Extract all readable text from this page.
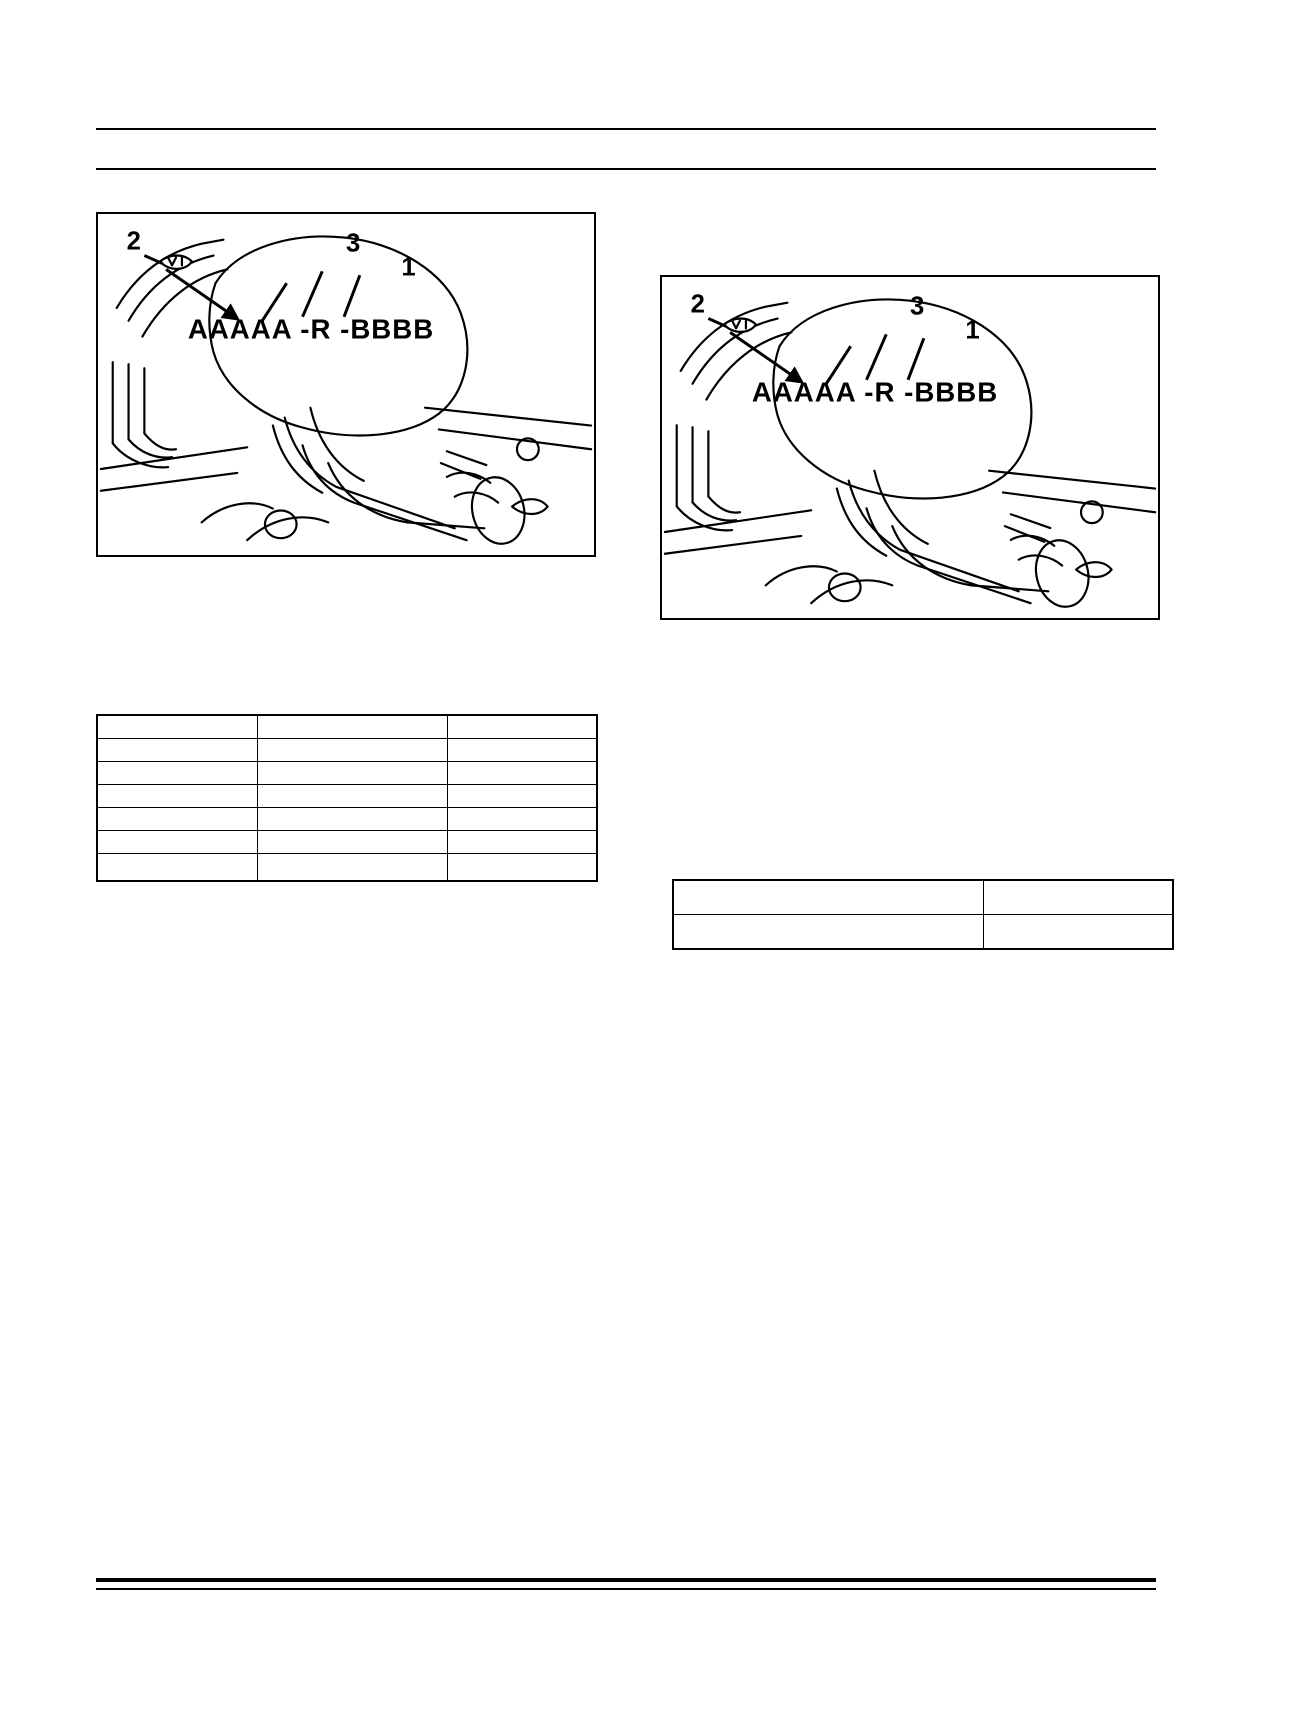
2	3
1
AAAAA -R -BBBB
2	3
1
AAAAA -R -BBBB
